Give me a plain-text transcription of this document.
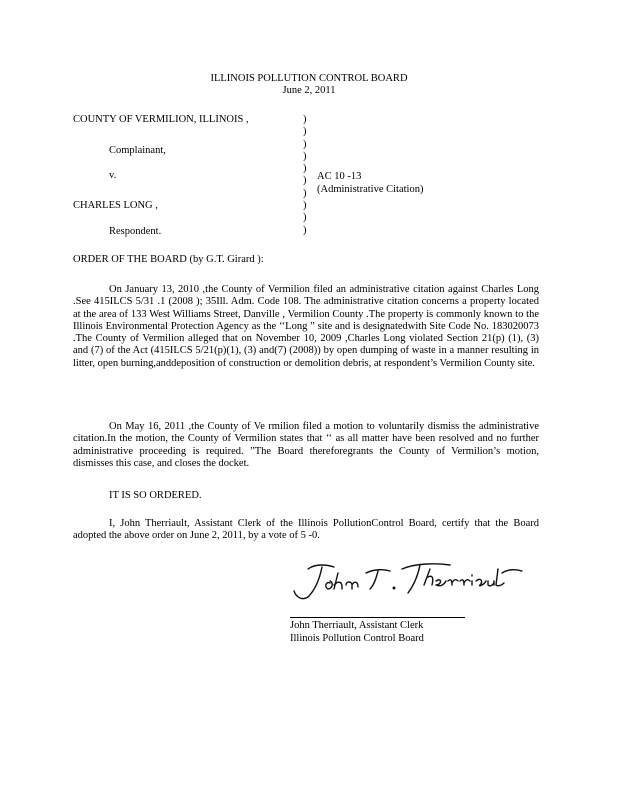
ILLINOIS POLLUTION CONTROL BOARD
June 2, 2011
COUNTY OF VERMILION, ILLINOIS ,
Complainant,
v.
CHARLES LONG ,
Respondent.
)
)
)
)
)
)
)
)
)
)
AC 10 -13
(Administrative Citation)
ORDER OF THE BOARD (by G.T. Girard ):

On January 13, 2010 ,the County of Vermilion filed an administrative citation against Charles Long .See 415ILCS 5/31 .1 (2008 ); 35Ill. Adm. Code 108. The administrative citation concerns a property located at the area of 133 West Williams Street, Danville , Vermilion County .The property is commonly known to the Illinois Environmental Protection Agency as the ‘‘Long ” site and is designatedwith Site Code No. 183020073 .The County of Vermilion alleged that on November 10, 2009 ,Charles Long violated Section 21(p) (1), (3) and (7) of the Act (415ILCS 5/21(p)(1), (3) and(7) (2008)) by open dumping of waste in a manner resulting in litter, open burning,anddeposition of construction or demolition debris, at respondent’s Vermilion County site.

On May 16, 2011 ,the County of Ve rmilion filed a motion to voluntarily dismiss the administrative citation.In the motion, the County of Vermilion states that ‘‘ as all matter have been resolved and no further administrative proceeding is required. ”The Board thereforegrants the County of Vermilion’s motion, dismisses this case, and closes the docket.

IT IS SO ORDERED.

I, John Therriault, Assistant Clerk of the Illinois PollutionControl Board, certify that the Board adopted the above order on June 2, 2011, by a vote of 5 -0.

John Therriault, Assistant Clerk
Illinois Pollution Control Board
